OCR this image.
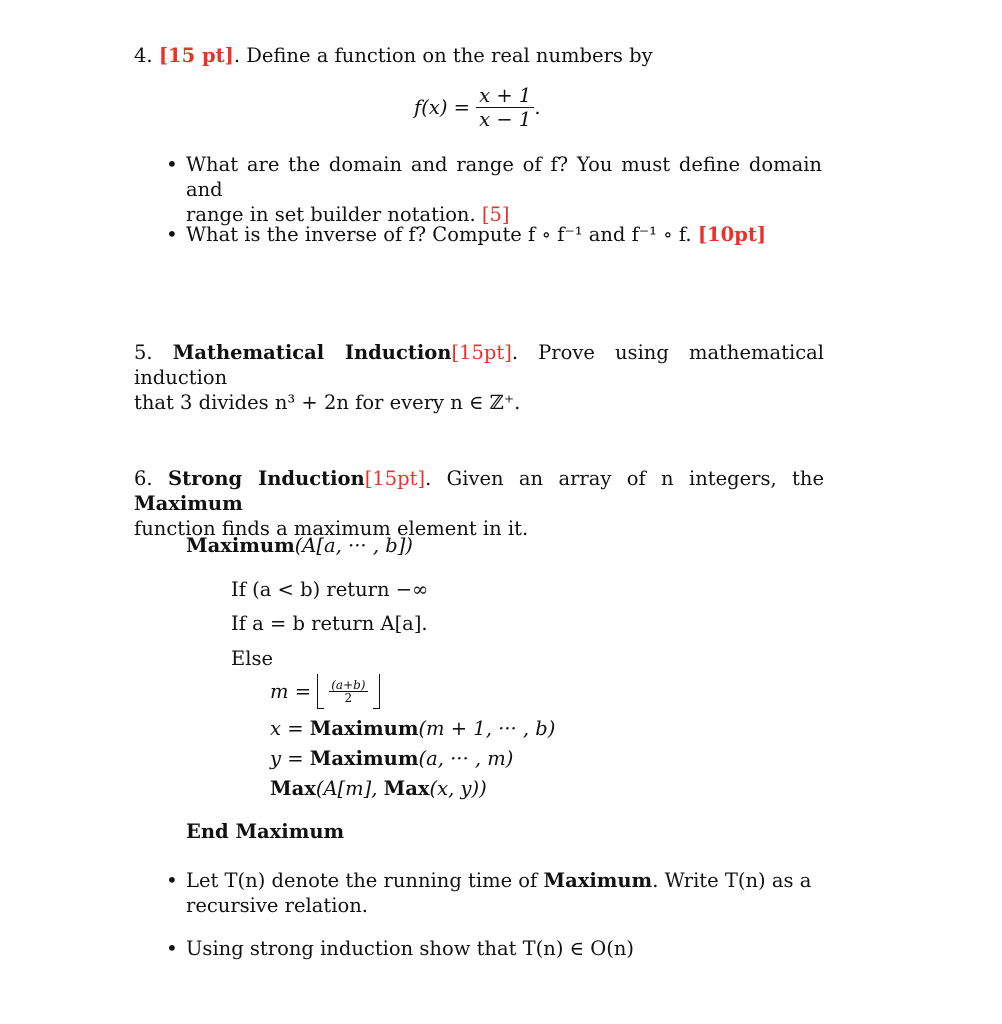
4. [15 pt]. Define a function on the real numbers by
$f(x) = \frac{x + 1}{x - 1}$ .
• What are the domain and range of f? You must define domain and
range in set builder notation. [5]
• What is the inverse of f? Compute f ∘ f⁻¹ and f⁻¹ ∘ f. [10pt]
5. Mathematical Induction[15pt]. Prove using mathematical induction
that 3 divides n³ + 2n for every n ∈ ℤ⁺.
6. Strong Induction[15pt]. Given an array of n integers, the Maximum
function finds a maximum element in it.
Maximum(A[a, ··· , b])
If (a < b) return −∞
If a = b return A[a].
Else
$m = \frac{(a+b)}{2}$
x = Maximum(m + 1, ··· , b)
y = Maximum(a, ··· , m)
Max(A[m], Max(x, y))
End Maximum
• Let T(n) denote the running time of Maximum. Write T(n) as a
recursive relation.
• Using strong induction show that T(n) ∈ O(n)
